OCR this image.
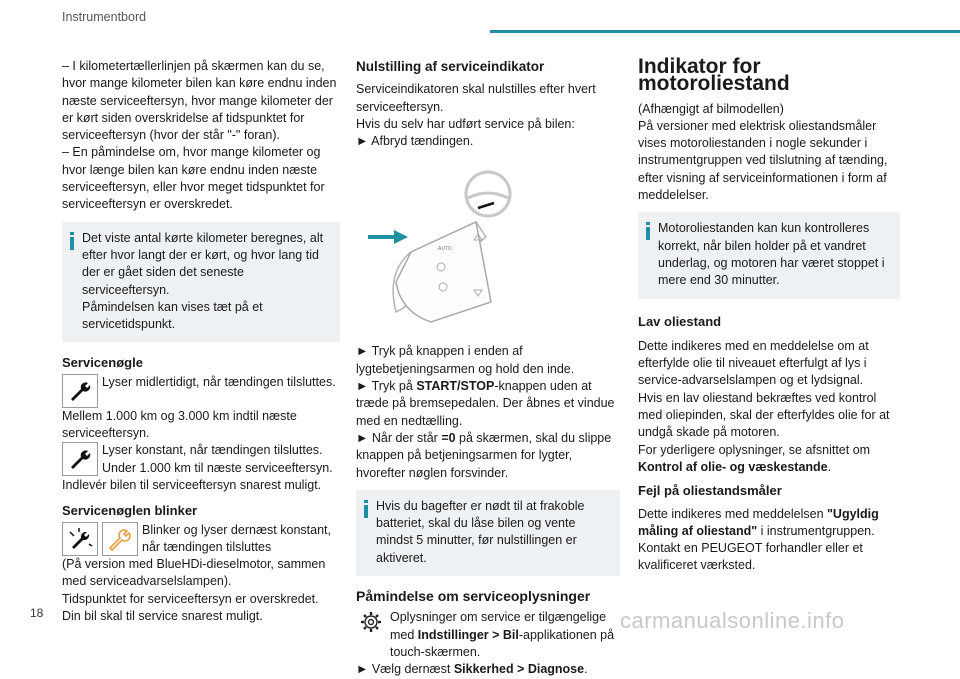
Instrumentbord

– I kilometertællerlinjen på skærmen kan du se, hvor mange kilometer bilen kan køre endnu inden næste serviceeftersyn, hvor mange kilometer der er kørt siden overskridelse af tidspunktet for serviceeftersyn (hvor der står "-" foran).

– En påmindelse om, hvor mange kilometer og hvor længe bilen kan køre endnu inden næste serviceeftersyn, eller hvor meget tidspunktet for serviceeftersyn er overskredet.

Det viste antal kørte kilometer beregnes, alt efter hvor langt der er kørt, og hvor lang tid der er gået siden det seneste serviceeftersyn.

Påmindelsen kan vises tæt på et servicetidspunkt.

Servicenøgle
Lyser midlertidigt, når tændingen tilsluttes.

Mellem 1.000 km og 3.000 km indtil næste serviceeftersyn.

Lyser konstant, når tændingen tilsluttes. Under 1.000 km til næste serviceeftersyn.

Indlevér bilen til serviceeftersyn snarest muligt.

Servicenøglen blinker
Blinker og lyser dernæst konstant, når tændingen tilsluttes

(På version med BlueHDi-dieselmotor, sammen med serviceadvarselslampen).

Tidspunktet for serviceeftersyn er overskredet.

Din bil skal til service snarest muligt.

Nulstilling af serviceindikator

Serviceindikatoren skal nulstilles efter hvert serviceeftersyn.

Hvis du selv har udført service på bilen:

► Afbryd tændingen.

AUTO

► Tryk på knappen i enden af lygtebetjeningsarmen og hold den inde.

► Tryk på START/STOP-knappen uden at træde på bremsepedalen. Der åbnes et vindue med en nedtælling.

► Når der står =0 på skærmen, skal du slippe knappen på betjeningsarmen for lygter, hvorefter nøglen forsvinder.

Hvis du bagefter er nødt til at frakoble batteriet, skal du låse bilen og vente mindst 5 minutter, før nulstillingen er aktiveret.

Påmindelse om serviceoplysninger
Oplysninger om service er tilgængelige med Indstillinger > Bil-applikationen på touch-skærmen.

► Vælg dernæst Sikkerhed > Diagnose.

Indikator for motoroliestand

(Afhængigt af bilmodellen)

På versioner med elektrisk oliestandsmåler vises motoroliestanden i nogle sekunder i instrumentgruppen ved tilslutning af tænding, efter visning af serviceinformationen i form af meddelelser.

Motoroliestanden kan kun kontrolleres korrekt, når bilen holder på et vandret underlag, og motoren har været stoppet i mere end 30 minutter.

Lav oliestand

Dette indikeres med en meddelelse om at efterfylde olie til niveauet efterfulgt af lys i service-advarselslampen og et lydsignal.

Hvis en lav oliestand bekræftes ved kontrol med oliepinden, skal der efterfyldes olie for at undgå skade på motoren.

For yderligere oplysninger, se afsnittet om Kontrol af olie- og væskestande.

Fejl på oliestandsmåler

Dette indikeres med meddelelsen "Ugyldig måling af oliestand" i instrumentgruppen.

Kontakt en PEUGEOT forhandler eller et kvalificeret værksted.

18	carmanualsonline.info
